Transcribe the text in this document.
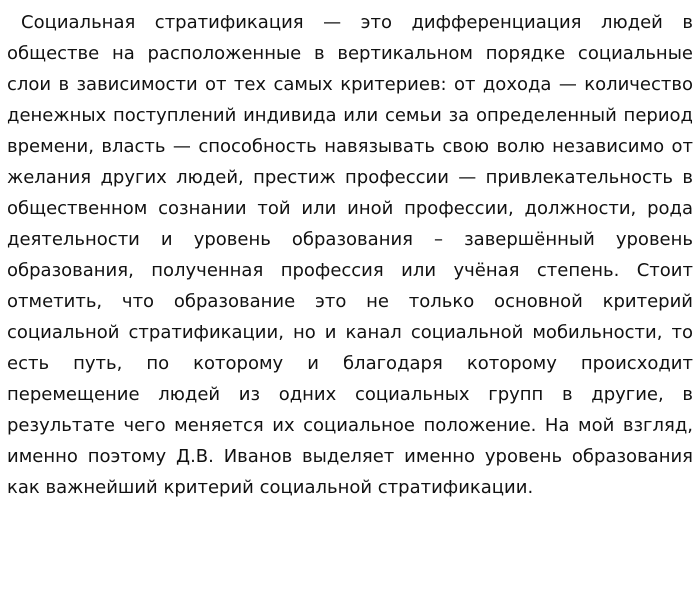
Социальная стратификация — это дифференциация людей в обществе на расположенные в вертикальном порядке социальные слои в зависимости от тех самых критериев: от дохода — количество денежных поступлений индивида или семьи за определенный период времени, власть — способность навязывать свою волю независимо от желания других людей, престиж профессии — привлекательность в общественном сознании той или иной профессии, должности, рода деятельности и уровень образования – завершённый уровень образования, полученная профессия или учёная степень. Стоит отметить, что образование это не только основной критерий социальной стратификации, но и канал социальной мобильности, то есть путь, по которому и благодаря которому происходит перемещение людей из одних социальных групп в другие, в результате чего меняется их социальное положение. На мой взгляд, именно поэтому Д.В. Иванов выделяет именно уровень образования как важнейший критерий социальной стратификации.
